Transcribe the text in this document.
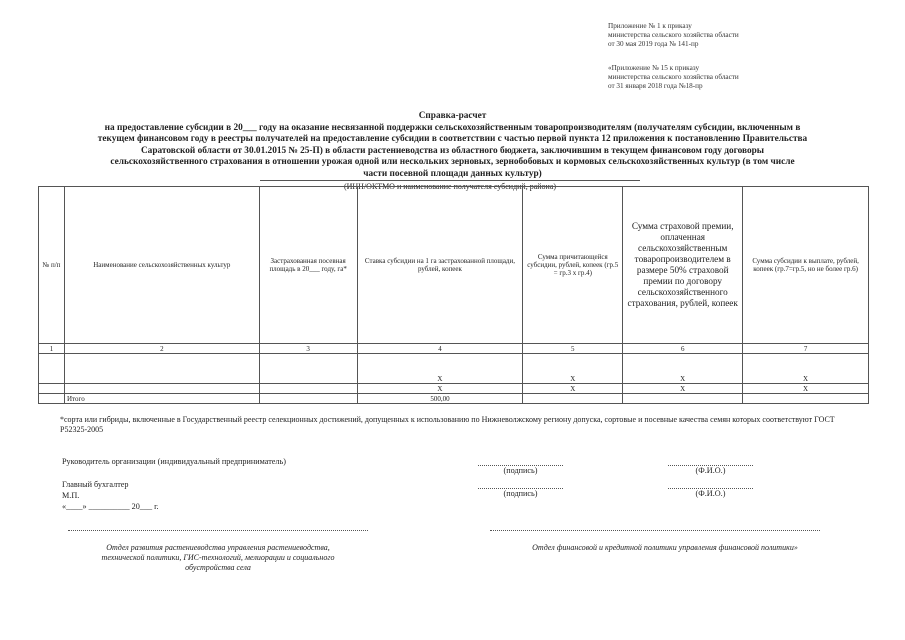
Приложение № 1 к приказу
министерства сельского хозяйства области
от 30 мая 2019 года № 141-пр
«Приложение № 15 к приказу
министерства сельского хозяйства области
от 31 января 2018 года №18-пр
Справка-расчет
на предоставление субсидии в 20___ году на оказание несвязанной поддержки сельскохозяйственным товаропроизводителям (получателям субсидии, включенным в
текущем финансовом году в реестры получателей на предоставление субсидии в соответствии с частью первой пункта 12 приложения к постановлению Правительства
Саратовской области от 30.01.2015 № 25-П) в области растениеводства из областного бюджета, заключившим в текущем финансовом году договоры
сельскохозяйственного страхования в отношении урожая одной или нескольких зерновых, зернобобовых и кормовых сельскохозяйственных культур (в том числе
части посевной площади данных культур)
(ИНН/ОКТМО и наименование получателя субсидий, района)
№ п/п	Наименование сельскохозяйственных культур	Застрахованная посевная площадь в 20___ году, га*	Ставка субсидии на 1 га застрахованной площади, рублей, копеек	Сумма причитающейся субсидии, рублей, копеек (гр.5 = гр.3 х гр.4)	Сумма страховой премии, оплаченная сельскохозяйственным товаропроизводителем в размере 50% страховой премии по договору сельскохозяйственного страхования, рублей, копеек	Сумма субсидии к выплате, рублей, копеек (гр.7=гр.5, но не более гр.6)
1	2	3	4	5	6	7
			X	X	X	X
			X	X	X	X
	Итого		500,00			
*сорта или гибриды, включенные в Государственный реестр селекционных достижений, допущенных к использованию по Нижневолжскому региону допуска, сортовые и посевные качества семян которых соответствуют ГОСТ Р52325-2005
Руководитель организации (индивидуальный предприниматель)
(подпись)	(Ф.И.О.)
Главный бухгалтер
(подпись)	(Ф.И.О.)
М.П.
«____» __________ 20___ г.
Отдел развития растениеводства управления растениеводства,
технической политики, ГИС-технологий, мелиорации и социального
обустройства села
Отдел финансовой и кредитной политики управления финансовой политики»
